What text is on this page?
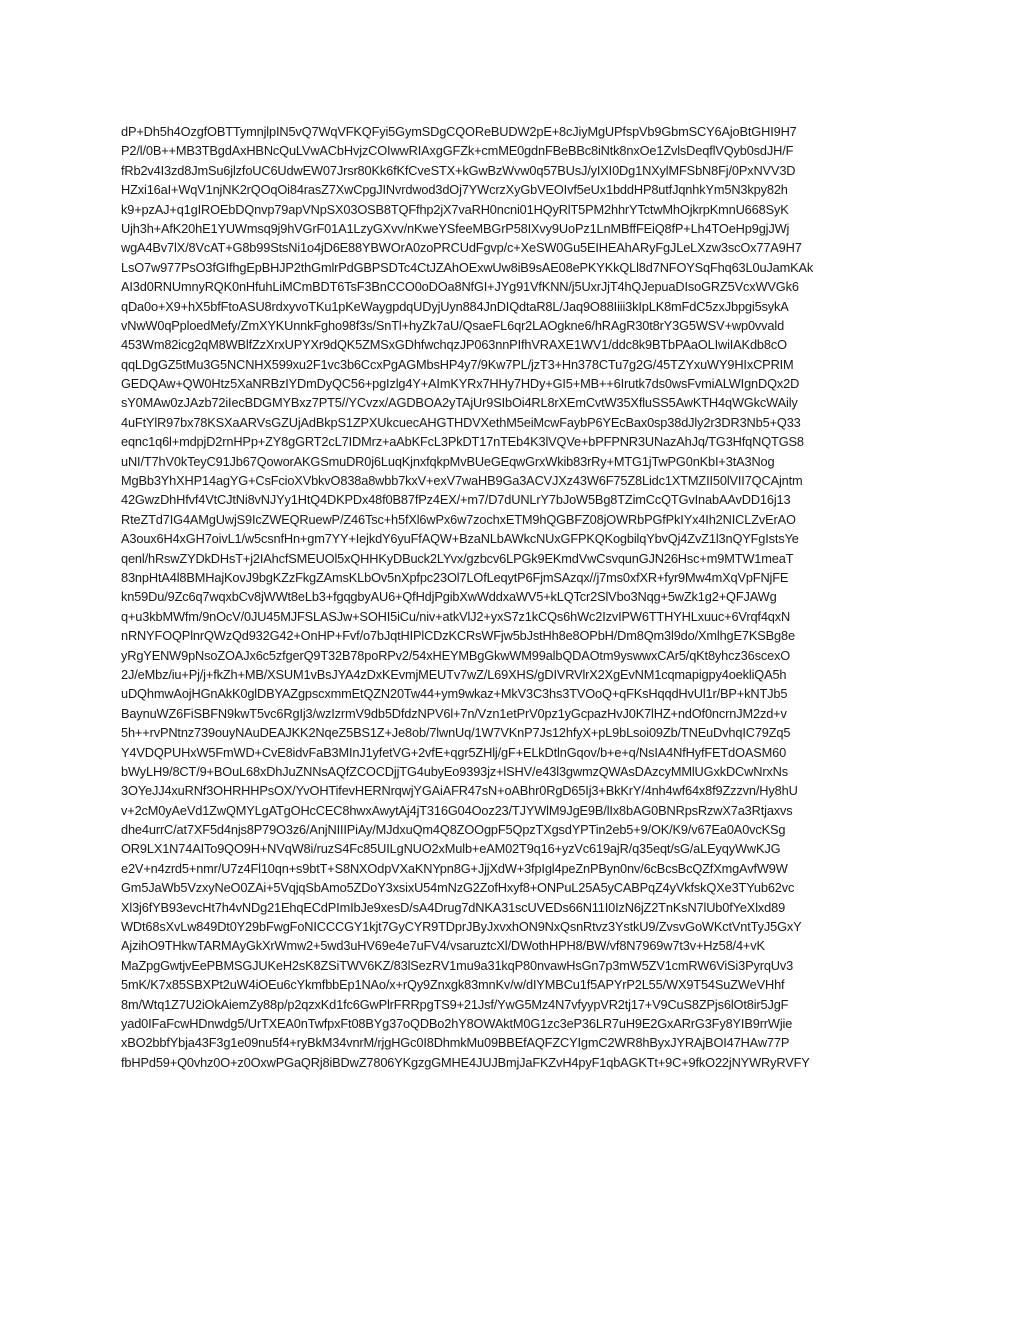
dP+Dh5h4OzgfOBTTymnjlpIN5vQ7WqVFKQFyi5GymSDgCQOReBUDW2pE+8cJiyMgUPfspVb9GbmSCY6AjoBtGHI9H7
P2/l/0B++MB3TBgdAxHBNcQuLVwACbHvjzCOIwwRIAxgGFZk+cmME0gdnFBeBBc8iNtk8nxOe1ZvlsDeqflVQyb0sdJH/F
fRb2v4I3zd8JmSu6jlzfoUC6UdwEW07Jrsr80Kk6fKfCveSTX+kGwBzWvw0q57BUsJ/yIXI0Dg1NXylMFSbN8Fj/0PxNVV3D
HZxi16aI+WqV1njNK2rQOqOi84rasZ7XwCpgJINvrdwod3dOj7YWcrzXyGbVEOIvf5eUx1bddHP8utfJqnhkYm5N3kpy82h
k9+pzAJ+q1gIROEbDQnvp79apVNpSX03OSB8TQFfhp2jX7vaRH0ncni01HQyRlT5PM2hhrYTctwMhOjkrpKmnU668SyK
Ujh3h+AfK20hE1YUWmsq9j9hVGrF01A1LzyGXvv/nKweYSfeeMBGrP58IXvy9UoPz1LnMBffFEiQ8fP+Lh4TOeHp9gjJWj
wgA4Bv7lX/8VcAT+G8b99StsNi1o4jD6E88YBWOrA0zoPRCUdFgvp/c+XeSW0Gu5EIHEAhARyFgJLeLXzw3scOx77A9H7
LsO7w977PsO3fGIfhgEpBHJP2thGmlrPdGBPSDTc4CtJZAhOExwUw8iB9sAE08ePKYKkQLl8d7NFOYSqFhq63L0uJamKAk
AI3d0RNUmnyRQK0nHfuhLiMCmBDT6TsF3BnCCO0oDOa8NfGI+JYg91VfKNN/j5UxrJjT4hQJepuaDIsoGRZ5VcxWVGk6
qDa0o+X9+hX5bfFtoASU8rdxyvoTKu1pKeWaygpdqUDyjUyn884JnDIQdtaR8L/Jaq9O88Iiii3kIpLK8mFdC5zxJbpgi5sykA
vNwW0qPploedMefy/ZmXYKUnnkFgho98f3s/SnTl+hyZk7aU/QsaeFL6qr2LAOgkne6/hRAgR30t8rY3G5WSV+wp0vvald
453Wm82icg2qM8WBlfZzXrxUPYXr9dQK5ZMSxGDhfwchqzJP063nnPIfhVRAXE1WV1/ddc8k9BTbPAaOLIwiIAKdb8cO
qqLDgGZ5tMu3G5NCNHX599xu2F1vc3b6CcxPgAGMbsHP4y7/9Kw7PL/jzT3+Hn378CTu7g2G/45TZYxuWY9HIxCPRIM
GEDQAw+QW0Htz5XaNRBzIYDmDyQC56+pgIzlg4Y+AImKYRx7HHy7HDy+GI5+MB++6Irutk7ds0wsFvmiALWIgnDQx2D
sY0MAw0zJAzb72iIecBDGMYBxz7PT5//YCvzx/AGDBOA2yTAjUr9SIbOi4RL8rXEmCvtW35XfluSS5AwKTH4qWGkcWAily
4uFtYlR97bx78KSXaARVsGZUjAdBkpS1ZPXUkcuecAHGTHDVXethM5eiMcwFaybP6YEcBax0sp38dJly2r3DR3Nb5+Q33
eqnc1q6l+mdpjD2rnHPp+ZY8gGRT2cL7IDMrz+aAbKFcL3PkDT17nTEb4K3lVQVe+bPFPNR3UNazAhJq/TG3HfqNQTGS8
uNI/T7hV0kTeyC91Jb67QoworAKGSmuDR0j6LuqKjnxfqkpMvBUeGEqwGrxWkib83rRy+MTG1jTwPG0nKbI+3tA3Nog
MgBb3YhXHP14agYG+CsFcioXVbkvO838a8wbb7kxV+exV7waHB9Ga3ACVJXz43W6F75Z8Lidc1XTMZII50lVII7QCAjntm
42GwzDhHfvf4VtCJtNi8vNJYy1HtQ4DKPDx48f0B87fPz4EX/+m7/D7dUNLrY7bJoW5Bg8TZimCcQTGvInabAAvDD16j13
RteZTd7IG4AMgUwjS9IcZWEQRuewP/Z46Tsc+h5fXl6wPx6w7zochxETM9hQGBFZ08jOWRbPGfPkIYx4Ih2NICLZvErAO
A3oux6H4xGH7oivL1/w5csnfHn+gm7YY+IejkdY6yuFfAQW+BzaNLbAWkcNUxGFPKQKogbilqYbvQj4ZvZ1l3nQYFgIstsYe
qenl/hRswZYDkDHsT+j2IAhcfSMEUOl5xQHHKyDBuck2LYvx/gzbcv6LPGk9EKmdVwCsvqunGJN26Hsc+m9MTW1meaT
83npHtA4l8BMHajKovJ9bgKZzFkgZAmsKLbOv5nXpfpc23Ol7LOfLeqytP6FjmSAzqx//j7ms0xfXR+fyr9Mw4mXqVpFNjFE
kn59Du/9Zc6q7wqxbCv8jWWt8eLb3+fgqgbyAU6+QfHdjPgibXwWddxaWV5+kLQTcr2SlVbo3Nqg+5wZk1g2+QFJAWg
q+u3kbMWfm/9nOcV/0JU45MJFSLASJw+SOHI5iCu/niv+atkVlJ2+yxS7z1kCQs6hWc2IzvIPW6TTHYHLxuuc+6Vrqf4qxN
nRNYFOQPlnrQWzQd932G42+OnHP+Fvf/o7bJqtHIPlCDzKCRsWFjw5bJstHh8e8OPbH/Dm8Qm3l9do/XmlhgE7KSBg8e
yRgYENW9pNsoZOAJx6c5zfgerQ9T32B78poRPv2/54xHEYMBgGkwWM99albQDAOtm9yswwxCAr5/qKt8yhcz36scexO
2J/eMbz/iu+Pj/j+fkZh+MB/XSUM1vBsJYA4zDxKEvmjMEUTv7wZ/L69XHS/gDIVRVlrX2XgEvNM1cqmapigpy4oekliQA5h
uDQhmwAojHGnAkK0glDBYAZgpscxmmEtQZN20Tw44+ym9wkaz+MkV3C3hs3TVOoQ+qFKsHqqdHvUl1r/BP+kNTJb5
BaynuWZ6FiSBFN9kwT5vc6RgIj3/wzIzrmV9db5DfdzNPV6l+7n/Vzn1etPrV0pz1yGcpazHvJ0K7lHZ+ndOf0ncrnJM2zd+v
5h++rvPNtnz739ouyNAuDEAJKK2NqeZ5BS1Z+Je8ob/7lwnUq/1W7VKnP7Js12hfyX+pL9bLsoi09Zb/TNEuDvhqIC79Zq5
Y4VDQPUHxW5FmWD+CvE8idvFaB3MInJ1yfetVG+2vfE+qgr5ZHlj/gF+ELkDtlnGqov/b+e+q/NsIA4NfHyfFETdOASM60
bWyLH9/8CT/9+BOuL68xDhJuZNNsAQfZCOCDjjTG4ubyEo9393jz+lSHV/e43l3gwmzQWAsDAzcyMMlUGxkDCwNrxNs
3OYeJJ4xuRNf3OHRHHPsOX/YvOHTifevHERNrqwjYGAiAFR47sN+oABhr0RgD65Ij3+BkKrY/4nh4wf64x8f9Zzzvn/Hy8hU
v+2cM0yAeVd1ZwQMYLgATgOHcCEC8hwxAwytAj4jT316G04Ooz23/TJYWlM9JgE9B/lIx8bAG0BNRpsRzwX7a3Rtjaxvs
dhe4urrC/at7XF5d4njs8P79O3z6/AnjNIIIPiAy/MJdxuQm4Q8ZOOgpF5QpzTXgsdYPTin2eb5+9/OK/K9/v67Ea0A0vcKSg
OR9LX1N74AITo9QO9H+NVqW8i/ruzS4Fc85UILgNUO2xMulb+eAM02T9q16+yzVc619ajR/q35eqt/sG/aLEyqyWwKJG
e2V+n4zrd5+nmr/U7z4Fl10qn+s9btT+S8NXOdpVXaKNYpn8G+JjjXdW+3fpIgl4peZnPByn0nv/6cBcsBcQZfXmgAvfW9W
Gm5JaWb5VzxyNeO0ZAi+5VqjqSbAmo5ZDoY3xsixU54mNzG2ZofHxyf8+ONPuL25A5yCABPqZ4yVkfskQXe3TYub62vc
Xl3j6fYB93evcHt7h4vNDg21EhqECdPImIbJe9xesD/sA4Drug7dNKA31scUVEDs66N11I0IzN6jZ2TnKsN7lUb0fYeXlxd89
WDt68sXvLw849Dt0Y29bFwgFoNICCCGY1kjt7GyCYR9TDprJByJxvxhON9NxQsnRtvz3YstkU9/ZvsvGoWKctVntTyJ5GxY
AjzihO9THkwTARMAyGkXrWmw2+5wd3uHV69e4e7uFV4/vsaruztcXl/DWothHPH8/BW/vf8N7969w7t3v+Hz58/4+vK
MaZpgGwtjvEePBMSGJUKeH2sK8ZSiTWV6KZ/83lSezRV1mu9a31kqP80nvawHsGn7p3mW5ZV1cmRW6ViSi3PyrqUv3
5mK/K7x85SBXPt2uW4iOEu6cYkmfbbEp1NAo/x+rQy9Znxgk83mnKv/w/dIYMBCu1f5APYrP2L55/WX9T54SuZWeVHhf
8m/Wtq1Z7U2iOkAiemZy88p/p2qzxKd1fc6GwPlrFRRpgTS9+21Jsf/YwG5Mz4N7vfyypVR2tj17+V9CuS8ZPjs6lOt8ir5JgF
yad0IFaFcwHDnwdg5/UrTXEA0nTwfpxFt08BYg37oQDBo2hY8OWAktM0G1zc3eP36LR7uH9E2GxARrG3Fy8YIB9rrWjie
xBO2bbfYbja43F3g1e09nu5f4+ryBkM34vnrM/rjgHGc0I8DhmkMu09BBEfAQFZCYIgmC2WR8hByxJYRAjBOI47HAw77P
fbHPd59+Q0vhz0O+z0OxwPGaQRj8iBDwZ7806YKgzgGMHE4JUJBmjJaFKZvH4pyF1qbAGKTt+9C+9fkO22jNYWRyRVFY
